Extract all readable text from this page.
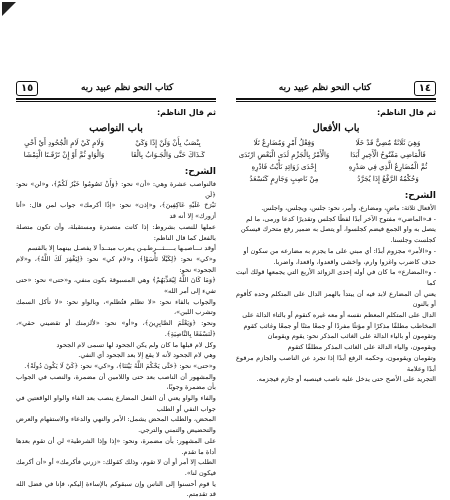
كتاب النحو نظم عبيد ربه
١٥
ثم قال الناظم:
باب النواصب
بِنْصَبُ بِأَنْ وَلَنْ إِذًا وَكَيْ
وَلَامِ كَيْ لَامِ الْجُحُودِ أَيْ أَحْيِ
كَـذَاكَ حَتَّى وَالْجَـوَابُ بِالْفَا
وَالْوَاوِ ثُمَّ أَوْ إِنْ تَرْقَـتَا الْتِمْشَا
الشرح:

فالنواصب عشرة وهي: «أن» نحو: ﴿وَأَنْ تَصُومُوا خَيْرٌ لَكُمْ﴾، و«لن» نحو: ﴿لَن

نَبْرَحَ عَلَيْهِ عَاكِفِينَ﴾، و«إذن» نحو: «إذًا أكرمك» جواب لمن قال: «أنا أزورك» إلا أنه قد

عملها للنصب بشروط: إذا كانت متصدرة ومستقبلة، وأن تكون متصلة بالفعل كما قال الناظم:

أوقد نـــاصبـها بـــــثـــرطـيـن يـعرب مبتــدأ لا يفصـل بينهما إلا بالقسم

و«كي» نحو: ﴿لِكَيْلَا تَأْسَوْا﴾، و«لام كي» نحو: ﴿لِيَغْفِرَ لَكَ اللَّهُ﴾، و«لام الجحود» نحو:

﴿وَمَا كَانَ اللَّهُ لِيُعَذِّبَهُمْ﴾ وهي المسبوقة بكون منفي، و«حتى» نحو: «حتى تفيء إلى أمر الله»

والجواب بالفاء نحو: «لا تظلم فتُظلم»، وبالواو نحو: «لا تأكل السمك وتشرب اللبن»،

ونحو: ﴿وَيَعْلَمَ الصَّابِرِينَ﴾، و«أو» نحو: «لألزمنك أو تقضيني حقي»، ﴿لَنَسْفَعًا بِالنَّاصِيَةِ﴾.

وكل لام قبلها ما كان ولم يكن الجحود لها تسمى لام الجحود

وهي لام الجحود لأنه لا يقع إلا بعد الجحود أي النفي.

و«حتى» نحو: ﴿حَتَّى يَحْكُمَ اللَّهُ بَيْنَنَا﴾، و«كي» نحو: ﴿كَيْ لَا يَكُونَ دُولَةً﴾.

والمشهور أن الناصب بعد حتى واللامين أن مضمرة، والنصب في الجواب بأن مضمرة وجوبًا،

والفاء والواو يعني أن الفعل المضارع ينصب بعد الفاء والواو الواقعتين في جواب النفي أو الطلب

المحض، والطلب المحض يشمل: الأمر والنهي والدعاء والاستفهام والعرض والتحضيض والتمني والترجي.

على المشهور: بأن مضمرة، ونحو: «إذا وإذا الشرطية» لن أن تقوم بعدها أداة ما تقدم.

الطلب إلا أمر أو أن لا تقوم، وذلك كقولك: «زرني فأكرمك» أو «أن أكرمك فيكون لنا».

يا قوم أحسنوا إلى الناس وإن سبقوكم بالإساءة إليكم، فإنا في فضل الله قد تقدمتم.

١٤
كتاب النحو نظم عبيد ربه
ثم قال الناظم:
باب الأفعال
وَهِيَ ثَلَاثَةٌ مُضِيٌّ قَدْ خَلَا
وَفِعْلُ أَمْرٍ وَمُضَارِعٌ تَلَا
فَالْمَاضِي مَفْتُوحُ الْأَخِيرِ أَبَدَا
وَالْأَمْرُ بِالْجَزْمِ لَدَى الْبَعْضِ ارْتَدَى
ثُمَّ الْمُضَارِعُ الَّذِي فِي صَدْرِهِ
إِحْدَى زَوَائِدِ نَأْيْتُ فَادْرِهِ
وَحُكْمُهُ الرَّفْعُ إِذَا يُجَرَّدُ
مِنْ نَاصِبٍ وَجَازِمٍ كَتَسْعَدُ
الشرح:

الأفعال ثلاثة: ماضٍ، ومضارع، وأمر، نحو: جلس، ويجلس، واجلس.

- فـ«الماضي» مفتوح الآخر أبدًا لفظًا كجلس وتقديرًا كدعا ورمى، ما لم

يتصل به واو الجمع فيضم كجلسوا، أو يتصل به ضمير رفع متحرك فيسكن

كجلست وجلسنا.

- و«الأمر» مجزوم أبدًا: أي مبني على ما يجزم به مضارعه من سكون أو

حذف كاضرب واغزوا وارم، واخشى واقعدوا، واقعدا، واضربا.

- و«المضارع» ما كان في أوله إحدى الزوائد الأربع التي يجمعها قولك أنيت كما

يعني أن المضارع لابد فيه أن يبتدأ بالهمز الدال على المتكلم وحده كأقوم أو بالنون

الدال على المتكلم المعظم نفسه أو معه غيره كنقوم أو بالتاء الدالة على

المخاطب مطلقًا مذكرًا أو مؤنثًا مفردًا أو جمعًا مثنًا أو جمعًا وغائب كقوم

وتقومون أو بالياء الدالة على الغائب المذكر نحو: يقوم ويقومان

ويقومون، والياء الدالة على الغائب المذكر مطلقًا كتقوم

وتقومان ويقومون، وحكمه الرفع أبدًا إذا تجرد عن الناصب والجازم مرفوع أبدًا وعلامة

التجريد على الأصح حتى يدخل عليه ناصب فينصبه أو جازم فيجزمه.
